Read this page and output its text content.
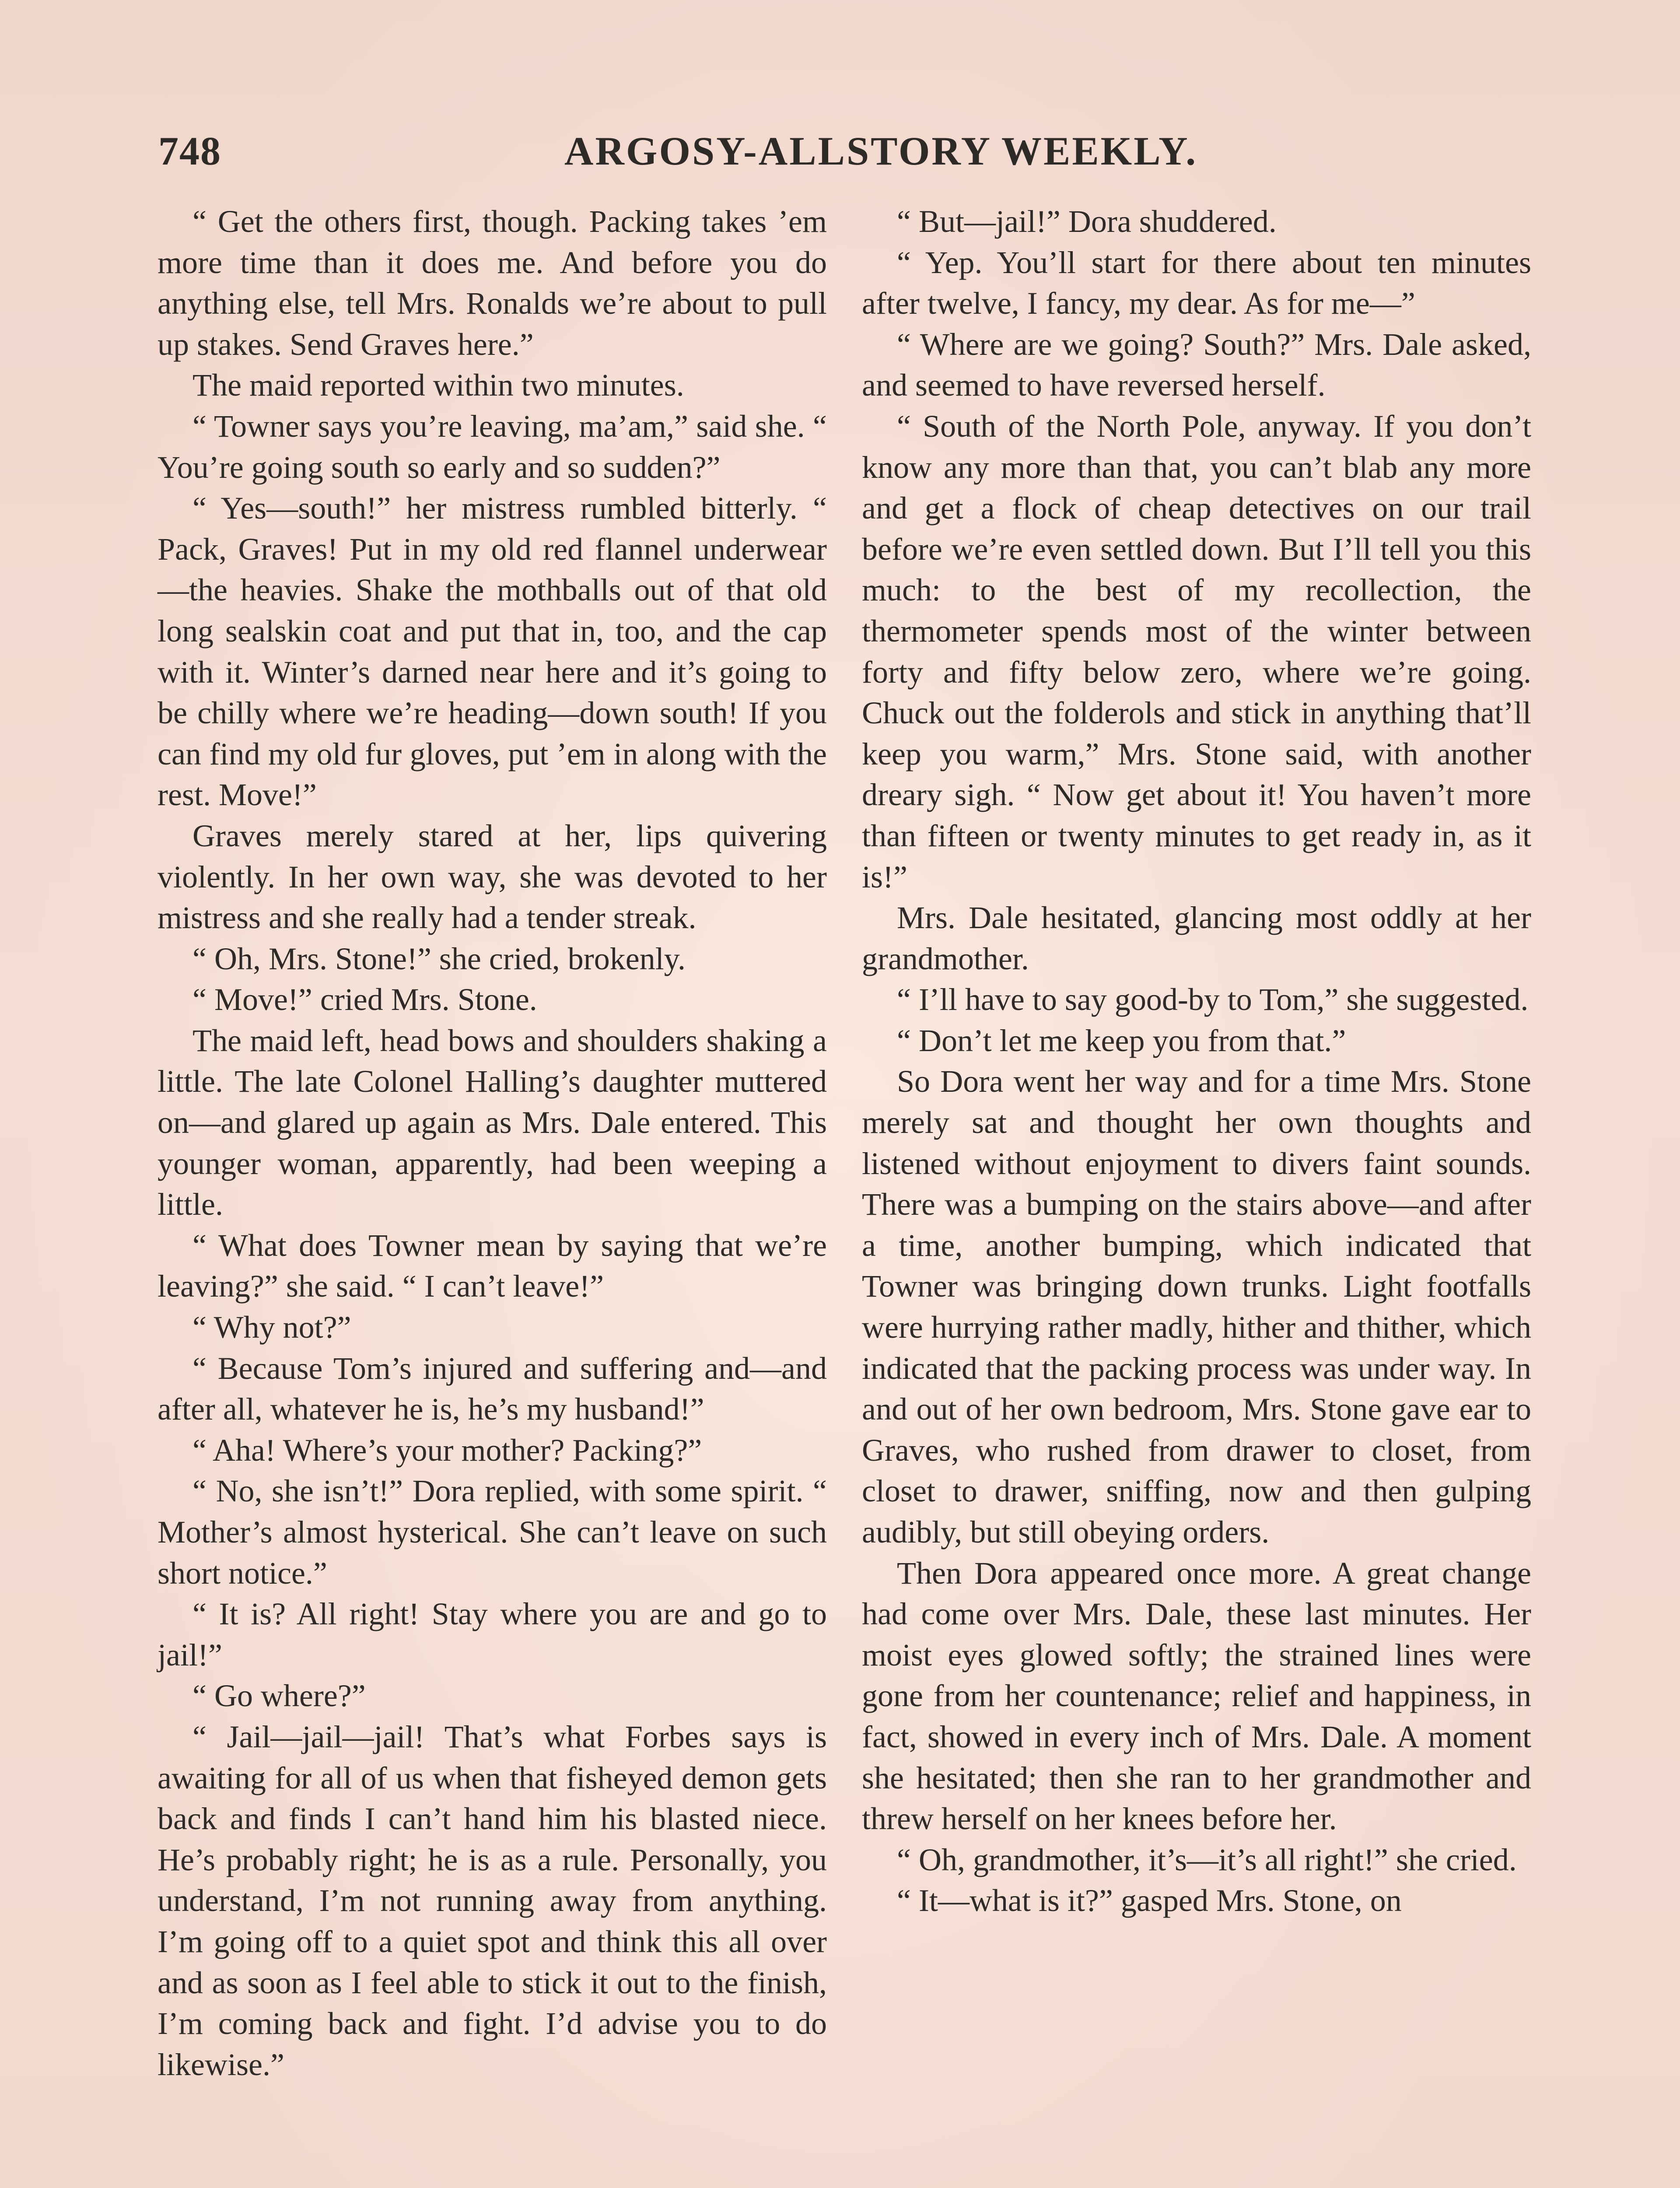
748	ARGOSY-ALLSTORY WEEKLY.

“ Get the others first, though. Packing takes ’em more time than it does me. And before you do anything else, tell Mrs. Ronalds we’re about to pull up stakes. Send Graves here.”

The maid reported within two minutes.

“ Towner says you’re leaving, ma’am,” said she. “ You’re going south so early and so sudden?”

“ Yes—south!” her mistress rumbled bitterly. “ Pack, Graves! Put in my old red flannel underwear—the heavies. Shake the mothballs out of that old long sealskin coat and put that in, too, and the cap with it. Winter’s darned near here and it’s going to be chilly where we’re heading—down south! If you can find my old fur gloves, put ’em in along with the rest. Move!”

Graves merely stared at her, lips quivering violently. In her own way, she was devoted to her mistress and she really had a tender streak.

“ Oh, Mrs. Stone!” she cried, brokenly.

“ Move!” cried Mrs. Stone.

The maid left, head bows and shoulders shaking a little. The late Colonel Halling’s daughter muttered on—and glared up again as Mrs. Dale entered. This younger woman, apparently, had been weeping a little.

“ What does Towner mean by saying that we’re leaving?” she said. “ I can’t leave!”

“ Why not?”

“ Because Tom’s injured and suffering and—and after all, whatever he is, he’s my husband!”

“ Aha! Where’s your mother? Packing?”

“ No, she isn’t!” Dora replied, with some spirit. “ Mother’s almost hysterical. She can’t leave on such short notice.”

“ It is? All right! Stay where you are and go to jail!”

“ Go where?”

“ Jail—jail—jail! That’s what Forbes says is awaiting for all of us when that fisheyed demon gets back and finds I can’t hand him his blasted niece. He’s probably right; he is as a rule. Personally, you understand, I’m not running away from anything. I’m going off to a quiet spot and think this all over and as soon as I feel able to stick it out to the finish, I’m coming back and fight. I’d advise you to do likewise.”

“ But—jail!” Dora shuddered.

“ Yep. You’ll start for there about ten minutes after twelve, I fancy, my dear. As for me—”

“ Where are we going? South?” Mrs. Dale asked, and seemed to have reversed herself.

“ South of the North Pole, anyway. If you don’t know any more than that, you can’t blab any more and get a flock of cheap detectives on our trail before we’re even settled down. But I’ll tell you this much: to the best of my recollection, the thermometer spends most of the winter between forty and fifty below zero, where we’re going. Chuck out the folderols and stick in anything that’ll keep you warm,” Mrs. Stone said, with another dreary sigh. “ Now get about it! You haven’t more than fifteen or twenty minutes to get ready in, as it is!”

Mrs. Dale hesitated, glancing most oddly at her grandmother.

“ I’ll have to say good-by to Tom,” she suggested.

“ Don’t let me keep you from that.”

So Dora went her way and for a time Mrs. Stone merely sat and thought her own thoughts and listened without enjoyment to divers faint sounds. There was a bumping on the stairs above—and after a time, another bumping, which indicated that Towner was bringing down trunks. Light footfalls were hurrying rather madly, hither and thither, which indicated that the packing process was under way. In and out of her own bedroom, Mrs. Stone gave ear to Graves, who rushed from drawer to closet, from closet to drawer, sniffing, now and then gulping audibly, but still obeying orders.

Then Dora appeared once more. A great change had come over Mrs. Dale, these last minutes. Her moist eyes glowed softly; the strained lines were gone from her countenance; relief and happiness, in fact, showed in every inch of Mrs. Dale. A moment she hesitated; then she ran to her grandmother and threw herself on her knees before her.

“ Oh, grandmother, it’s—it’s all right!” she cried.

“ It—what is it?” gasped Mrs. Stone, on
